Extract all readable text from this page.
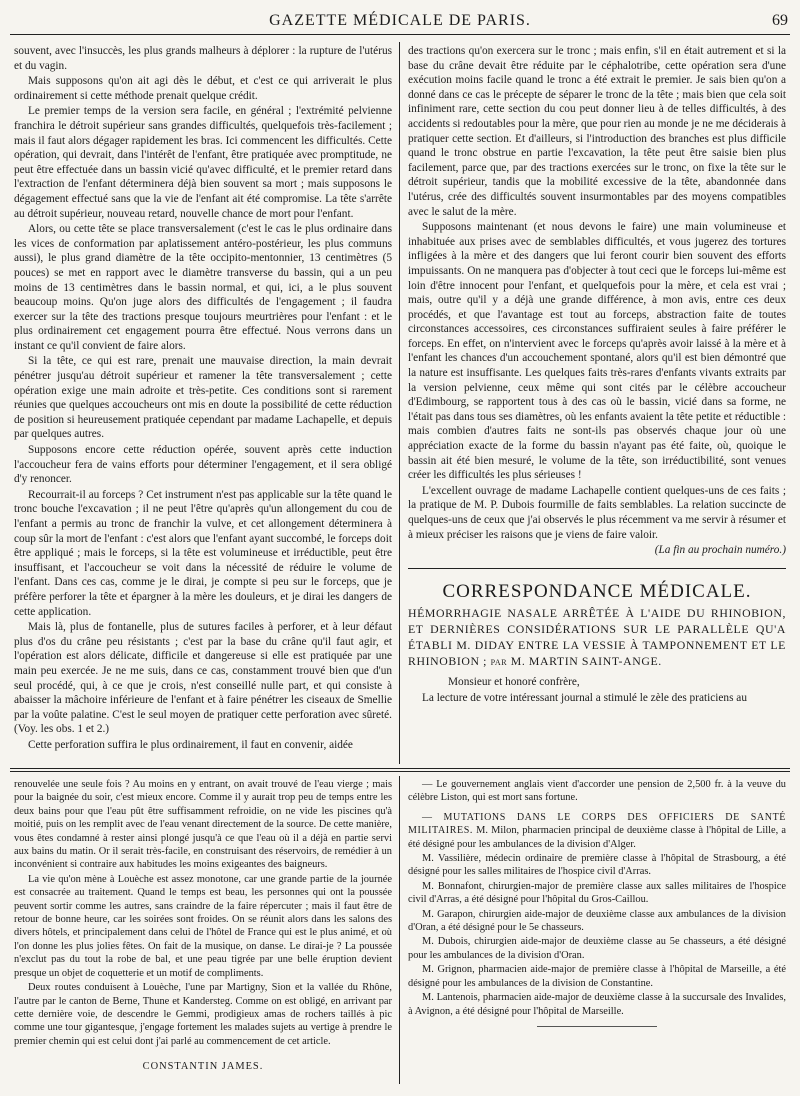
GAZETTE MÉDICALE DE PARIS.	69

souvent, avec l'insuccès, les plus grands malheurs à déplorer : la rupture de l'utérus et du vagin.

Mais supposons qu'on ait agi dès le début, et c'est ce qui arriverait le plus ordinairement si cette méthode prenait quelque crédit.

Le premier temps de la version sera facile, en général ; l'extrémité pelvienne franchira le détroit supérieur sans grandes difficultés, quelquefois très-facilement ; mais il faut alors dégager rapidement les bras. Ici commencent les difficultés. Cette opération, qui devrait, dans l'intérêt de l'enfant, être pratiquée avec promptitude, ne peut être effectuée dans un bassin vicié qu'avec difficulté, et le premier retard dans l'extraction de l'enfant déterminera déjà bien souvent sa mort ; mais supposons le dégagement effectué sans que la vie de l'enfant ait été compromise. La tête s'arrête au détroit supérieur, nouveau retard, nouvelle chance de mort pour l'enfant.

Alors, ou cette tête se place transversalement (c'est le cas le plus ordinaire dans les vices de conformation par aplatissement antéro-postérieur, les plus communs aussi), le plus grand diamètre de la tête occipito-mentonnier, 13 centimètres (5 pouces) se met en rapport avec le diamètre transverse du bassin, qui a un peu moins de 13 centimètres dans le bassin normal, et qui, ici, a le plus souvent beaucoup moins. Qu'on juge alors des difficultés de l'engagement ; il faudra exercer sur la tête des tractions presque toujours meurtrières pour l'enfant : et le plus ordinairement cet engagement pourra être effectué. Nous verrons dans un instant ce qu'il convient de faire alors.

Si la tête, ce qui est rare, prenait une mauvaise direction, la main devrait pénétrer jusqu'au détroit supérieur et ramener la tête transversalement ; cette opération exige une main adroite et très-petite. Ces conditions sont si rarement réunies que quelques accoucheurs ont mis en doute la possibilité de cette réduction de position si heureusement pratiquée cependant par madame Lachapelle, et depuis par quelques autres.

Supposons encore cette réduction opérée, souvent après cette induction l'accoucheur fera de vains efforts pour déterminer l'engagement, et il sera obligé d'y renoncer.

Recourrait-il au forceps ? Cet instrument n'est pas applicable sur la tête quand le tronc bouche l'excavation ; il ne peut l'être qu'après qu'un allongement du cou de l'enfant a permis au tronc de franchir la vulve, et cet allongement déterminera à coup sûr la mort de l'enfant : c'est alors que l'enfant ayant succombé, le forceps doit être appliqué ; mais le forceps, si la tête est volumineuse et irréductible, peut être insuffisant, et l'accoucheur se voit dans la nécessité de réduire le volume de l'enfant. Dans ces cas, comme je le dirai, je compte si peu sur le forceps, que je préfère perforer la tête et épargner à la mère les douleurs, et je dirai les dangers de cette application.

Mais là, plus de fontanelle, plus de sutures faciles à perforer, et à leur défaut plus d'os du crâne peu résistants ; c'est par la base du crâne qu'il faut agir, et l'opération est alors délicate, difficile et dangereuse si elle est pratiquée par une main peu exercée. Je ne me suis, dans ce cas, constamment trouvé bien que d'un seul procédé, qui, à ce que je crois, n'est conseillé nulle part, et qui consiste à abaisser la mâchoire inférieure de l'enfant et à faire pénétrer les ciseaux de Smellie par la voûte palatine. C'est le seul moyen de pratiquer cette perforation avec sûreté. (Voy. les obs. 1 et 2.)

Cette perforation suffira le plus ordinairement, il faut en convenir, aidée

des tractions qu'on exercera sur le tronc ; mais enfin, s'il en était autrement et si la base du crâne devait être réduite par le céphalotribe, cette opération sera d'une exécution moins facile quand le tronc a été extrait le premier. Je sais bien qu'on a donné dans ce cas le précepte de séparer le tronc de la tête ; mais bien que cela soit infiniment rare, cette section du cou peut donner lieu à de telles difficultés, à des accidents si redoutables pour la mère, que pour rien au monde je ne me déciderais à pratiquer cette section. Et d'ailleurs, si l'introduction des branches est plus difficile quand le tronc obstrue en partie l'excavation, la tête peut être saisie bien plus facilement, parce que, par des tractions exercées sur le tronc, on fixe la tête sur le détroit supérieur, tandis que la mobilité excessive de la tête, abandonnée dans l'utérus, crée des difficultés souvent insurmontables par des moyens compatibles avec le salut de la mère.

Supposons maintenant (et nous devons le faire) une main volumineuse et inhabituée aux prises avec de semblables difficultés, et vous jugerez des tortures infligées à la mère et des dangers que lui feront courir bien souvent des efforts impuissants. On ne manquera pas d'objecter à tout ceci que le forceps lui-même est loin d'être innocent pour l'enfant, et quelquefois pour la mère, et cela est vrai ; mais, outre qu'il y a déjà une grande différence, à mon avis, entre ces deux procédés, et que l'avantage est tout au forceps, abstraction faite de toutes circonstances accessoires, ces circonstances suffiraient seules à faire préférer le forceps. En effet, on n'intervient avec le forceps qu'après avoir laissé à la mère et à l'enfant les chances d'un accouchement spontané, alors qu'il est bien démontré que la nature est insuffisante. Les quelques faits très-rares d'enfants vivants extraits par la version pelvienne, ceux même qui sont cités par le célèbre accoucheur d'Edimbourg, se rapportent tous à des cas où le bassin, vicié dans sa forme, ne l'était pas dans tous ses diamètres, où les enfants avaient la tête petite et réductible : mais combien d'autres faits ne sont-ils pas observés chaque jour où une appréciation exacte de la forme du bassin n'ayant pas été faite, où, quoique le bassin ait été bien mesuré, le volume de la tête, son irréductibilité, sont venues créer les difficultés les plus sérieuses !

L'excellent ouvrage de madame Lachapelle contient quelques-uns de ces faits ; la pratique de M. P. Dubois fourmille de faits semblables. La relation succincte de quelques-uns de ceux que j'ai observés le plus récemment va me servir à résumer et à mieux préciser les raisons que je viens de faire valoir.

(La fin au prochain numéro.)

CORRESPONDANCE MÉDICALE.
HÉMORRHAGIE NASALE ARRÊTÉE À L'AIDE DU RHINOBION, ET DERNIÈRES CONSIDÉRATIONS SUR LE PARALLÈLE QU'A ÉTABLI M. DIDAY ENTRE LA VESSIE À TAMPONNEMENT ET LE RHINOBION ; par M. MARTIN SAINT-ANGE.

Monsieur et honoré confrère,

La lecture de votre intéressant journal a stimulé le zèle des praticiens au

renouvelée une seule fois ? Au moins en y entrant, on avait trouvé de l'eau vierge ; mais pour la baignée du soir, c'est mieux encore. Comme il y aurait trop peu de temps entre les deux bains pour que l'eau pût être suffisamment refroidie, on ne vide les piscines qu'à moitié, puis on les remplit avec de l'eau venant directement de la source. De cette manière, vous êtes condamné à rester ainsi plongé jusqu'à ce que l'eau où il a déjà en partie servi aux bains du matin. Or il serait très-facile, en construisant des réservoirs, de remédier à un inconvénient si contraire aux habitudes les moins exigeantes des baigneurs.

La vie qu'on mène à Louèche est assez monotone, car une grande partie de la journée est consacrée au traitement. Quand le temps est beau, les personnes qui ont la poussée peuvent sortir comme les autres, sans craindre de la faire répercuter ; mais il faut être de retour de bonne heure, car les soirées sont froides. On se réunit alors dans les salons des divers hôtels, et principalement dans celui de l'hôtel de France qui est le plus animé, et où l'on donne les plus jolies fêtes. On fait de la musique, on danse. Le dirai-je ? La poussée n'exclut pas du tout la robe de bal, et une peau tigrée par une belle éruption devient presque un objet de coquetterie et un motif de compliments.

Deux routes conduisent à Louèche, l'une par Martigny, Sion et la vallée du Rhône, l'autre par le canton de Berne, Thune et Kandersteg. Comme on est obligé, en arrivant par cette dernière voie, de descendre le Gemmi, prodigieux amas de rochers taillés à pic comme une tour gigantesque, j'engage fortement les malades sujets au vertige à prendre le premier chemin qui est celui dont j'ai parlé au commencement de cet article.

CONSTANTIN JAMES.

— Le gouvernement anglais vient d'accorder une pension de 2,500 fr. à la veuve du célèbre Liston, qui est mort sans fortune.

— MUTATIONS DANS LE CORPS DES OFFICIERS DE SANTÉ MILITAIRES. M. Milon, pharmacien principal de deuxième classe à l'hôpital de Lille, a été désigné pour les ambulances de la division d'Alger.

M. Vassilière, médecin ordinaire de première classe à l'hôpital de Strasbourg, a été désigné pour les salles militaires de l'hospice civil d'Arras.

M. Bonnafont, chirurgien-major de première classe aux salles militaires de l'hospice civil d'Arras, a été désigné pour l'hôpital du Gros-Caillou.

M. Garapon, chirurgien aide-major de deuxième classe aux ambulances de la division d'Oran, a été désigné pour le 5e chasseurs.

M. Dubois, chirurgien aide-major de deuxième classe au 5e chasseurs, a été désigné pour les ambulances de la division d'Oran.

M. Grignon, pharmacien aide-major de première classe à l'hôpital de Marseille, a été désigné pour les ambulances de la division de Constantine.

M. Lantenois, pharmacien aide-major de deuxième classe à la succursale des Invalides, à Avignon, a été désigné pour l'hôpital de Marseille.
